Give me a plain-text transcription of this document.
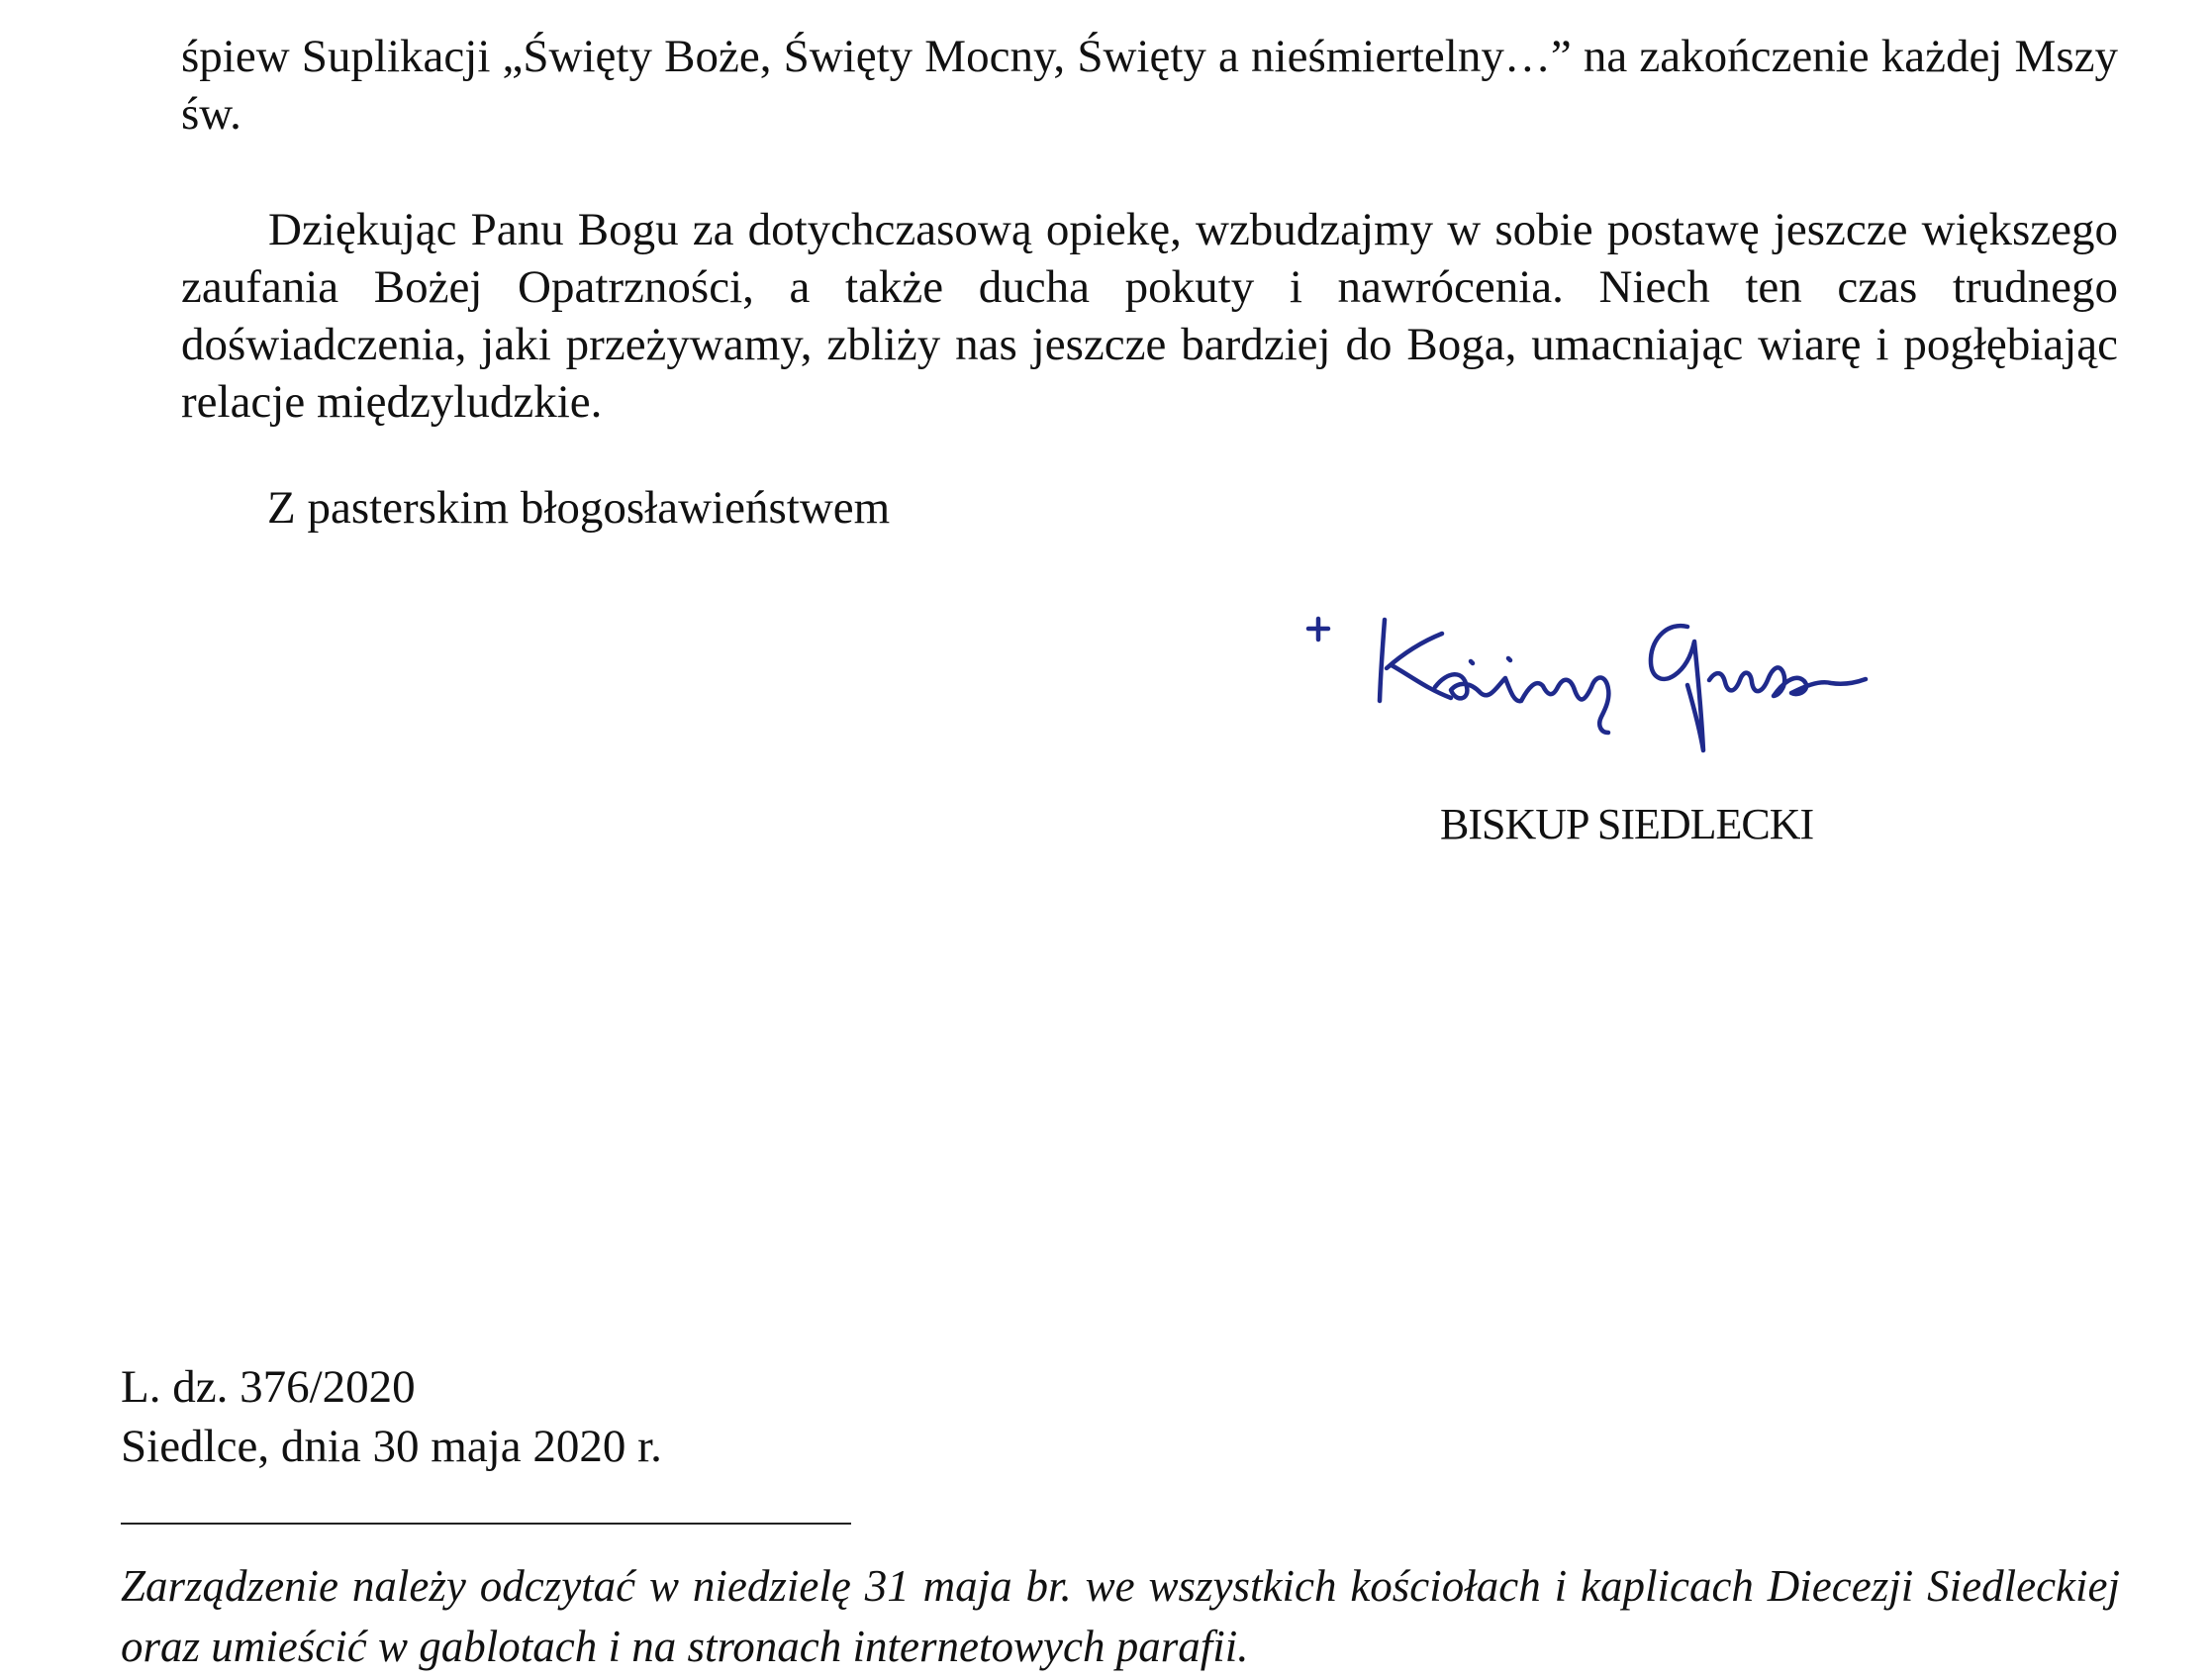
śpiew Suplikacji „Święty Boże, Święty Mocny, Święty a nieśmiertelny…” na zakończenie każdej Mszy św.

Dziękując Panu Bogu za dotychczasową opiekę, wzbudzajmy w sobie postawę jeszcze większego zaufania Bożej Opatrzności, a także ducha pokuty i nawrócenia. Niech ten czas trudnego doświadczenia, jaki przeżywamy, zbliży nas jeszcze bardziej do Boga, umacniając wiarę i pogłębiając relacje międzyludzkie.

Z pasterskim błogosławieństwem

BISKUP SIEDLECKI
L. dz. 376/2020
Siedlce, dnia 30 maja 2020 r.

Zarządzenie należy odczytać w niedzielę 31 maja br. we wszystkich kościołach i kaplicach Diecezji Siedleckiej oraz umieścić w gablotach i na stronach internetowych parafii.
